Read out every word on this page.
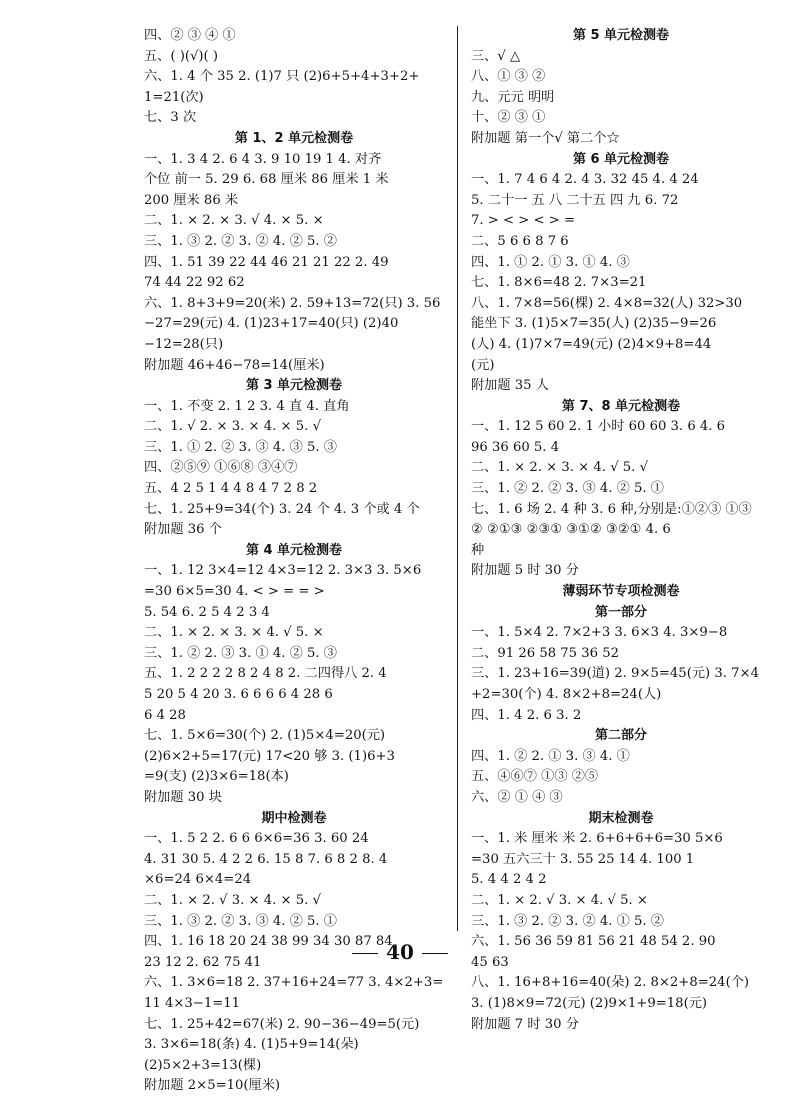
四、② ③ ④ ①
五、( )(√)( )
六、1. 4 个 35 2. (1)7 只 (2)6+5+4+3+2+
1=21(次)
七、3 次
第 1、2 单元检测卷
一、1. 3 4 2. 6 4 3. 9 10 19 1 4. 对齐
个位 前一 5. 29 6. 68 厘米 86 厘米 1 米
200 厘米 86 米
二、1. × 2. × 3. √ 4. × 5. ×
三、1. ③ 2. ② 3. ② 4. ② 5. ②
四、1. 51 39 22 44 46 21 21 22 2. 49
74 44 22 92 62
六、1. 8+3+9=20(米) 2. 59+13=72(只) 3. 56
−27=29(元) 4. (1)23+17=40(只) (2)40
−12=28(只)
附加题 46+46−78=14(厘米)
第 3 单元检测卷
一、1. 不变 2. 1 2 3. 4 直 4. 直角
二、1. √ 2. × 3. × 4. × 5. √
三、1. ① 2. ② 3. ③ 4. ③ 5. ③
四、②⑤⑨ ①⑥⑧ ③④⑦
五、4 2 5 1 4 4 8 4 7 2 8 2
七、1. 25+9=34(个) 3. 24 个 4. 3 个或 4 个
附加题 36 个
第 4 单元检测卷
一、1. 12 3×4=12 4×3=12 2. 3×3 3. 5×6
=30 6×5=30 4. < > = = >
5. 54 6. 2 5 4 2 3 4
二、1. × 2. × 3. × 4. √ 5. ×
三、1. ② 2. ③ 3. ① 4. ② 5. ③
五、1. 2 2 2 2 8 2 4 8 2. 二四得八 2. 4
5 20 5 4 20 3. 6 6 6 6 4 28 6
6 4 28
七、1. 5×6=30(个) 2. (1)5×4=20(元)
(2)6×2+5=17(元) 17<20 够 3. (1)6+3
=9(支) (2)3×6=18(本)
附加题 30 块
期中检测卷
一、1. 5 2 2. 6 6 6×6=36 3. 60 24
4. 31 30 5. 4 2 2 6. 15 8 7. 6 8 2 8. 4
×6=24 6×4=24
二、1. × 2. √ 3. × 4. × 5. √
三、1. ③ 2. ② 3. ③ 4. ② 5. ①
四、1. 16 18 20 24 38 99 34 30 87 84
23 12 2. 62 75 41
六、1. 3×6=18 2. 37+16+24=77 3. 4×2+3=
11 4×3−1=11
七、1. 25+42=67(米) 2. 90−36−49=5(元)
3. 3×6=18(条) 4. (1)5+9=14(朵)
(2)5×2+3=13(棵)
附加题 2×5=10(厘米)
第 5 单元检测卷
三、√ △
八、① ③ ②
九、元元 明明
十、② ③ ①
附加题 第一个√ 第二个☆
第 6 单元检测卷
一、1. 7 4 6 4 2. 4 3. 32 45 4. 4 24
5. 二十一 五 八 二十五 四 九 6. 72
7. > < > < > =
二、5 6 6 8 7 6
四、1. ① 2. ① 3. ① 4. ③
七、1. 8×6=48 2. 7×3=21
八、1. 7×8=56(棵) 2. 4×8=32(人) 32>30
能坐下 3. (1)5×7=35(人) (2)35−9=26
(人) 4. (1)7×7=49(元) (2)4×9+8=44
(元)
附加题 35 人
第 7、8 单元检测卷
一、1. 12 5 60 2. 1 小时 60 60 3. 6 4. 6
96 36 60 5. 4
二、1. × 2. × 3. × 4. √ 5. √
三、1. ② 2. ② 3. ③ 4. ② 5. ①
七、1. 6 场 2. 4 种 3. 6 种,分别是:①②③ ①③
② ②①③ ②③① ③①② ③②① 4. 6
种
附加题 5 时 30 分
薄弱环节专项检测卷
第一部分
一、1. 5×4 2. 7×2+3 3. 6×3 4. 3×9−8
二、91 26 58 75 36 52
三、1. 23+16=39(道) 2. 9×5=45(元) 3. 7×4
+2=30(个) 4. 8×2+8=24(人)
四、1. 4 2. 6 3. 2
第二部分
四、1. ② 2. ① 3. ③ 4. ①
五、④⑥⑦ ①③ ②⑤
六、② ① ④ ③
期末检测卷
一、1. 米 厘米 米 2. 6+6+6+6=30 5×6
=30 五六三十 3. 55 25 14 4. 100 1
5. 4 4 2 4 2
二、1. × 2. √ 3. × 4. √ 5. ×
三、1. ③ 2. ② 3. ② 4. ① 5. ②
六、1. 56 36 59 81 56 21 48 54 2. 90
45 63
八、1. 16+8+16=40(朵) 2. 8×2+8=24(个)
3. (1)8×9=72(元) (2)9×1+9=18(元)
附加题 7 时 30 分
40
